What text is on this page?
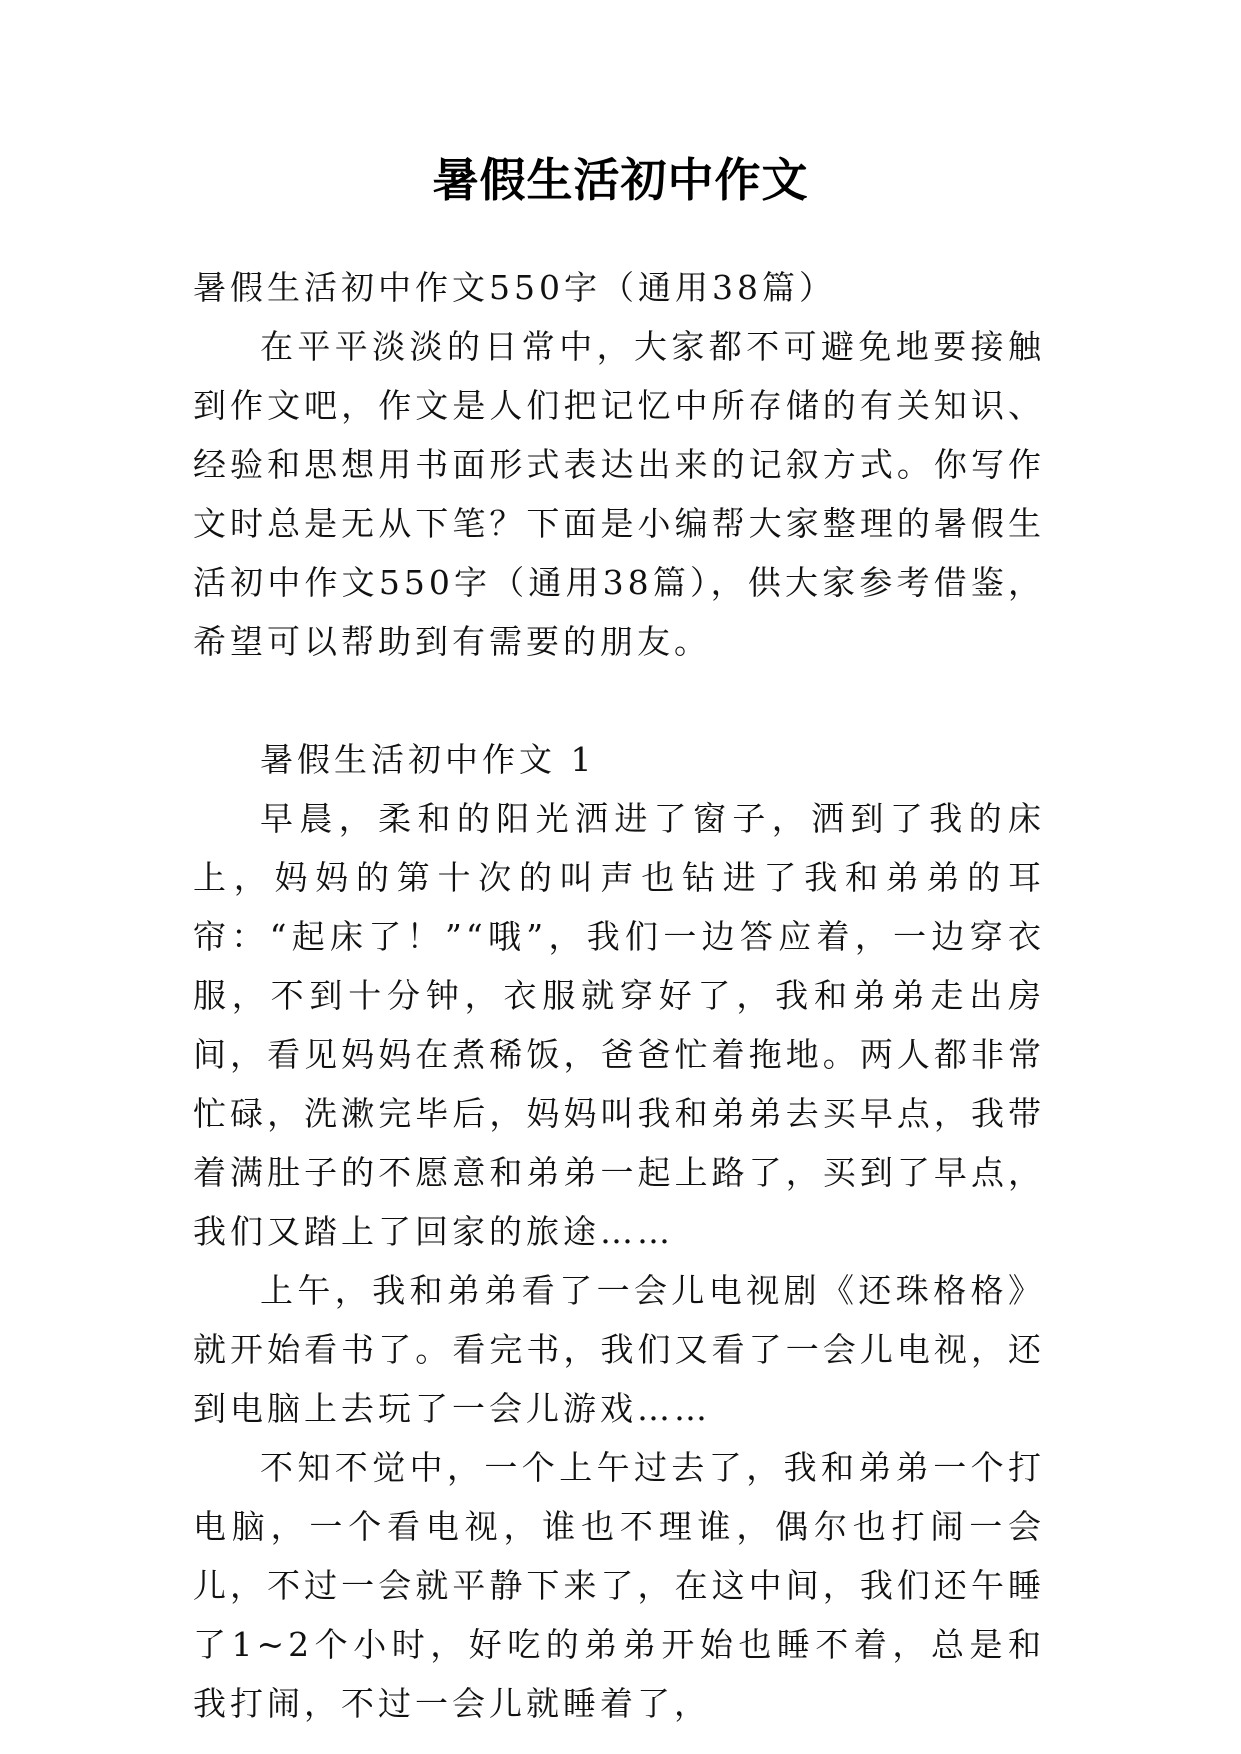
暑假生活初中作文

暑假生活初中作文550字（通用38篇）

在平平淡淡的日常中，大家都不可避免地要接触到作文吧，作文是人们把记忆中所存储的有关知识、经验和思想用书面形式表达出来的记叙方式。你写作文时总是无从下笔？下面是小编帮大家整理的暑假生活初中作文550字（通用38篇），供大家参考借鉴，希望可以帮助到有需要的朋友。

暑假生活初中作文 1

早晨，柔和的阳光洒进了窗子，洒到了我的床上，妈妈的第十次的叫声也钻进了我和弟弟的耳帘：“起床了！”“哦”，我们一边答应着，一边穿衣服，不到十分钟，衣服就穿好了，我和弟弟走出房间，看见妈妈在煮稀饭，爸爸忙着拖地。两人都非常忙碌，洗漱完毕后，妈妈叫我和弟弟去买早点，我带着满肚子的不愿意和弟弟一起上路了，买到了早点，我们又踏上了回家的旅途……

上午，我和弟弟看了一会儿电视剧《还珠格格》就开始看书了。看完书，我们又看了一会儿电视，还到电脑上去玩了一会儿游戏……

不知不觉中，一个上午过去了，我和弟弟一个打电脑，一个看电视，谁也不理谁，偶尔也打闹一会儿，不过一会就平静下来了，在这中间，我们还午睡了1~2个小时，好吃的弟弟开始也睡不着，总是和我打闹，不过一会儿就睡着了，
